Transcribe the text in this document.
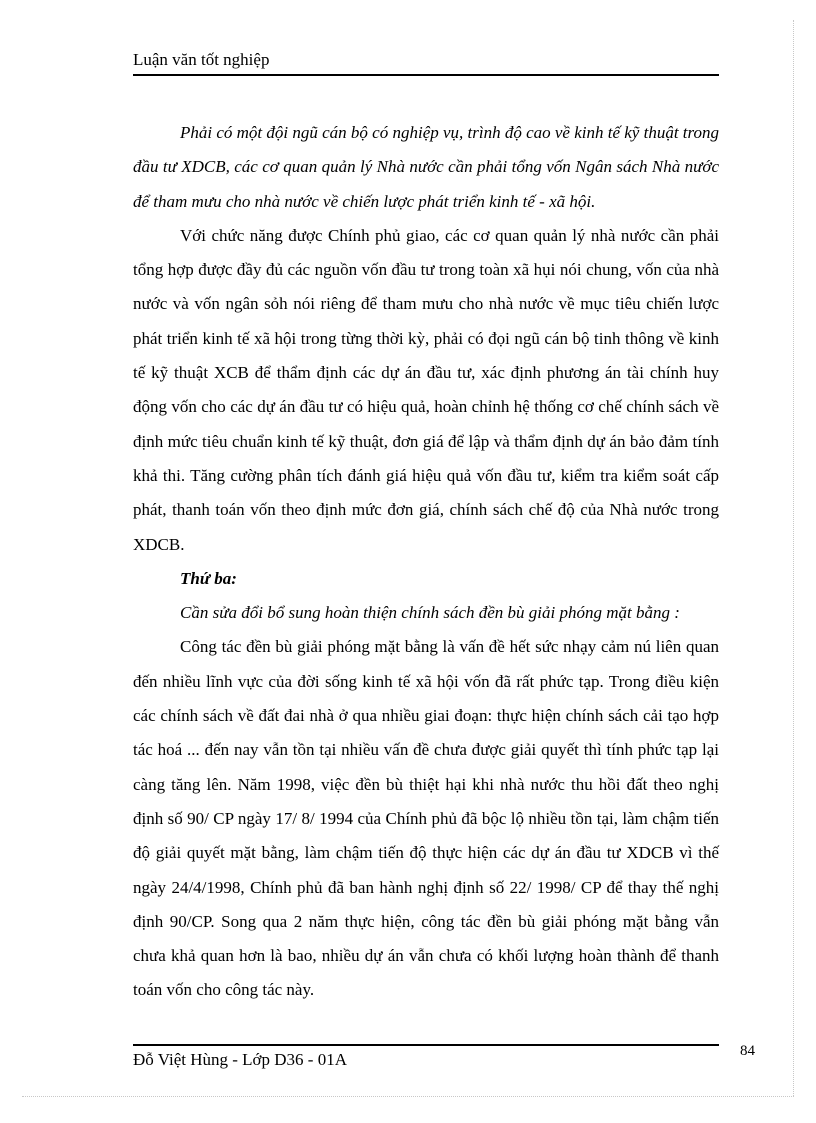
Luận văn tốt nghiệp

Phải có một đội ngũ cán bộ có nghiệp vụ, trình độ cao về kinh tế kỹ thuật trong đầu tư XDCB, các cơ quan quản lý Nhà nước cần phải tổng vốn Ngân sách Nhà nước để tham mưu cho nhà nước về chiến lược phát triển kinh tế - xã hội.

Với chức năng được Chính phủ giao, các cơ quan quản lý nhà nước cần phải tổng hợp được đầy đủ các nguồn vốn đầu tư trong toàn xã hụi nói chung, vốn của nhà nước và vốn ngân sỏh nói riêng để tham mưu cho nhà nước về mục tiêu chiến lược phát triển kinh tế xã hội trong từng thời kỳ, phải có đọi ngũ cán bộ tinh thông về kinh tế kỹ thuật XCB để thẩm định các dự án đầu tư, xác định phương án tài chính huy động vốn cho các dự án đầu tư có hiệu quả, hoàn chỉnh hệ thống cơ chế chính sách về định mức tiêu chuẩn kinh tế kỹ thuật, đơn giá để lập và thẩm định dự án bảo đảm tính khả thi. Tăng cường phân tích đánh giá hiệu quả vốn đầu tư, kiểm tra kiểm soát cấp phát, thanh toán vốn theo định mức đơn giá, chính sách chế độ của Nhà nước trong XDCB.

Thứ ba:

Cần sửa đổi bổ sung hoàn thiện chính sách đền bù giải phóng mặt bằng :

Công tác đền bù giải phóng mặt bằng là vấn đề hết sức nhạy cảm nú liên quan đến nhiều lĩnh vực của đời sống kinh tế xã hội vốn đã rất phức tạp. Trong điều kiện các chính sách về đất đai nhà ở qua nhiều giai đoạn: thực hiện chính sách cải tạo hợp tác hoá ... đến nay vẫn tồn tại nhiều vấn đề chưa được giải quyết thì tính phức tạp lại càng tăng lên. Năm 1998, việc đền bù thiệt hại khi nhà nước thu hồi đất theo nghị định số 90/ CP ngày 17/ 8/ 1994 của Chính phủ đã bộc lộ nhiều tồn tại, làm chậm tiến độ giải quyết mặt bằng, làm chậm tiến độ thực hiện các dự án đầu tư XDCB vì thế ngày 24/4/1998, Chính phủ đã ban hành nghị định số 22/ 1998/ CP để thay thế nghị định 90/CP. Song qua 2 năm thực hiện, công tác đền bù giải phóng mặt bằng vẫn chưa khả quan hơn là bao, nhiều dự án vẫn chưa có khối lượng hoàn thành để thanh toán vốn cho công tác này.

Đỗ Việt Hùng - Lớp D36 - 01A	84
